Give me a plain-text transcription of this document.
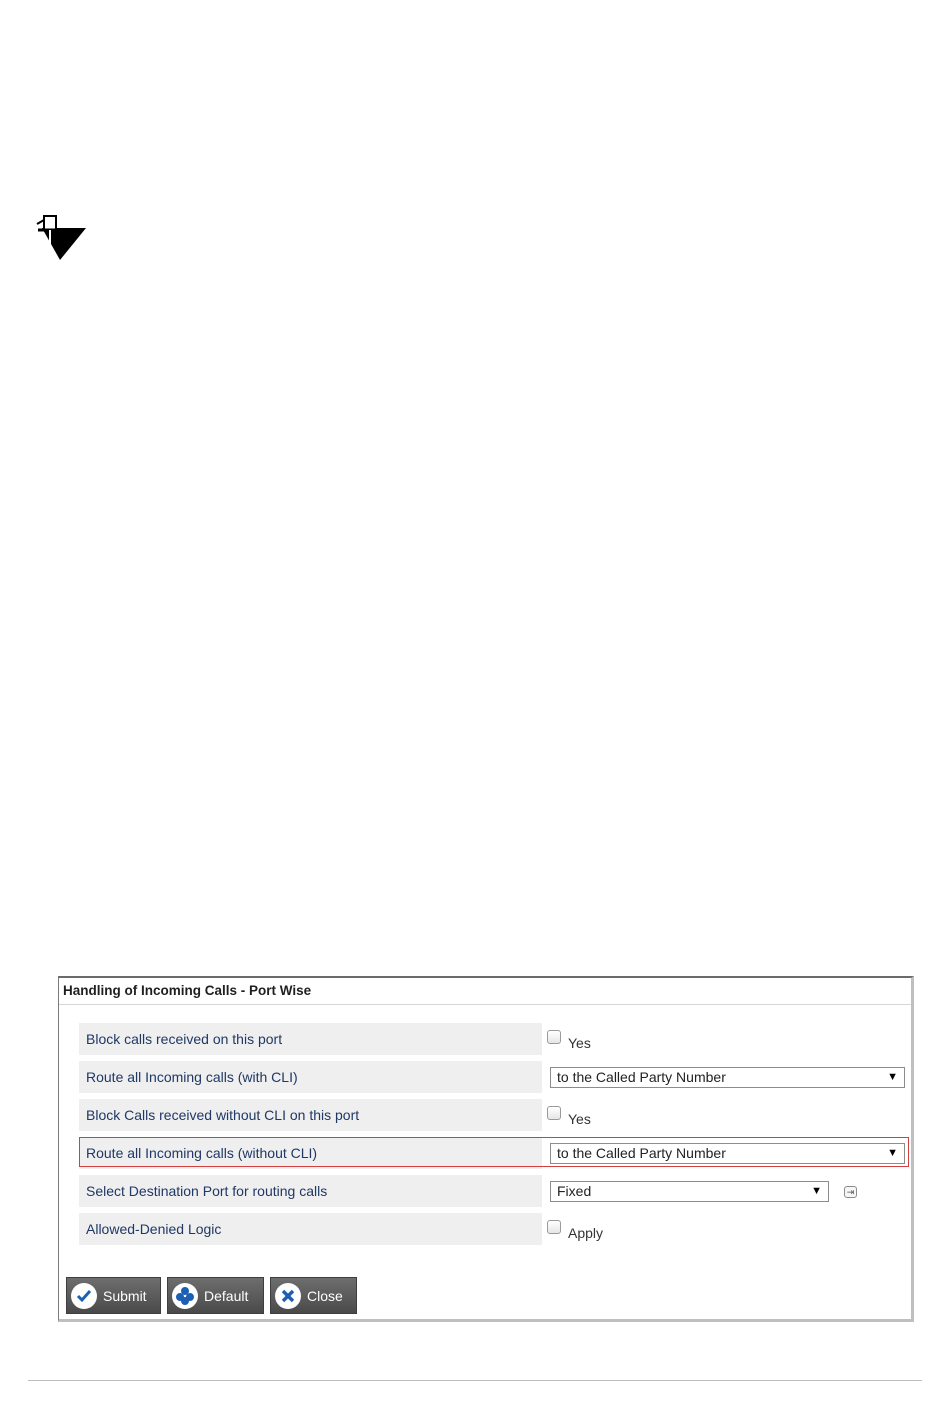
Handling of Incoming Calls - Port Wise
Block calls received on this port	Yes
Route all Incoming calls (with CLI)	to the Called Party Number	▼
Block Calls received without CLI on this port	Yes
Route all Incoming calls (without CLI)	to the Called Party Number	▼
Select Destination Port for routing calls	Fixed	▼	⇥
Allowed-Denied Logic	Apply
Submit	Default	Close
